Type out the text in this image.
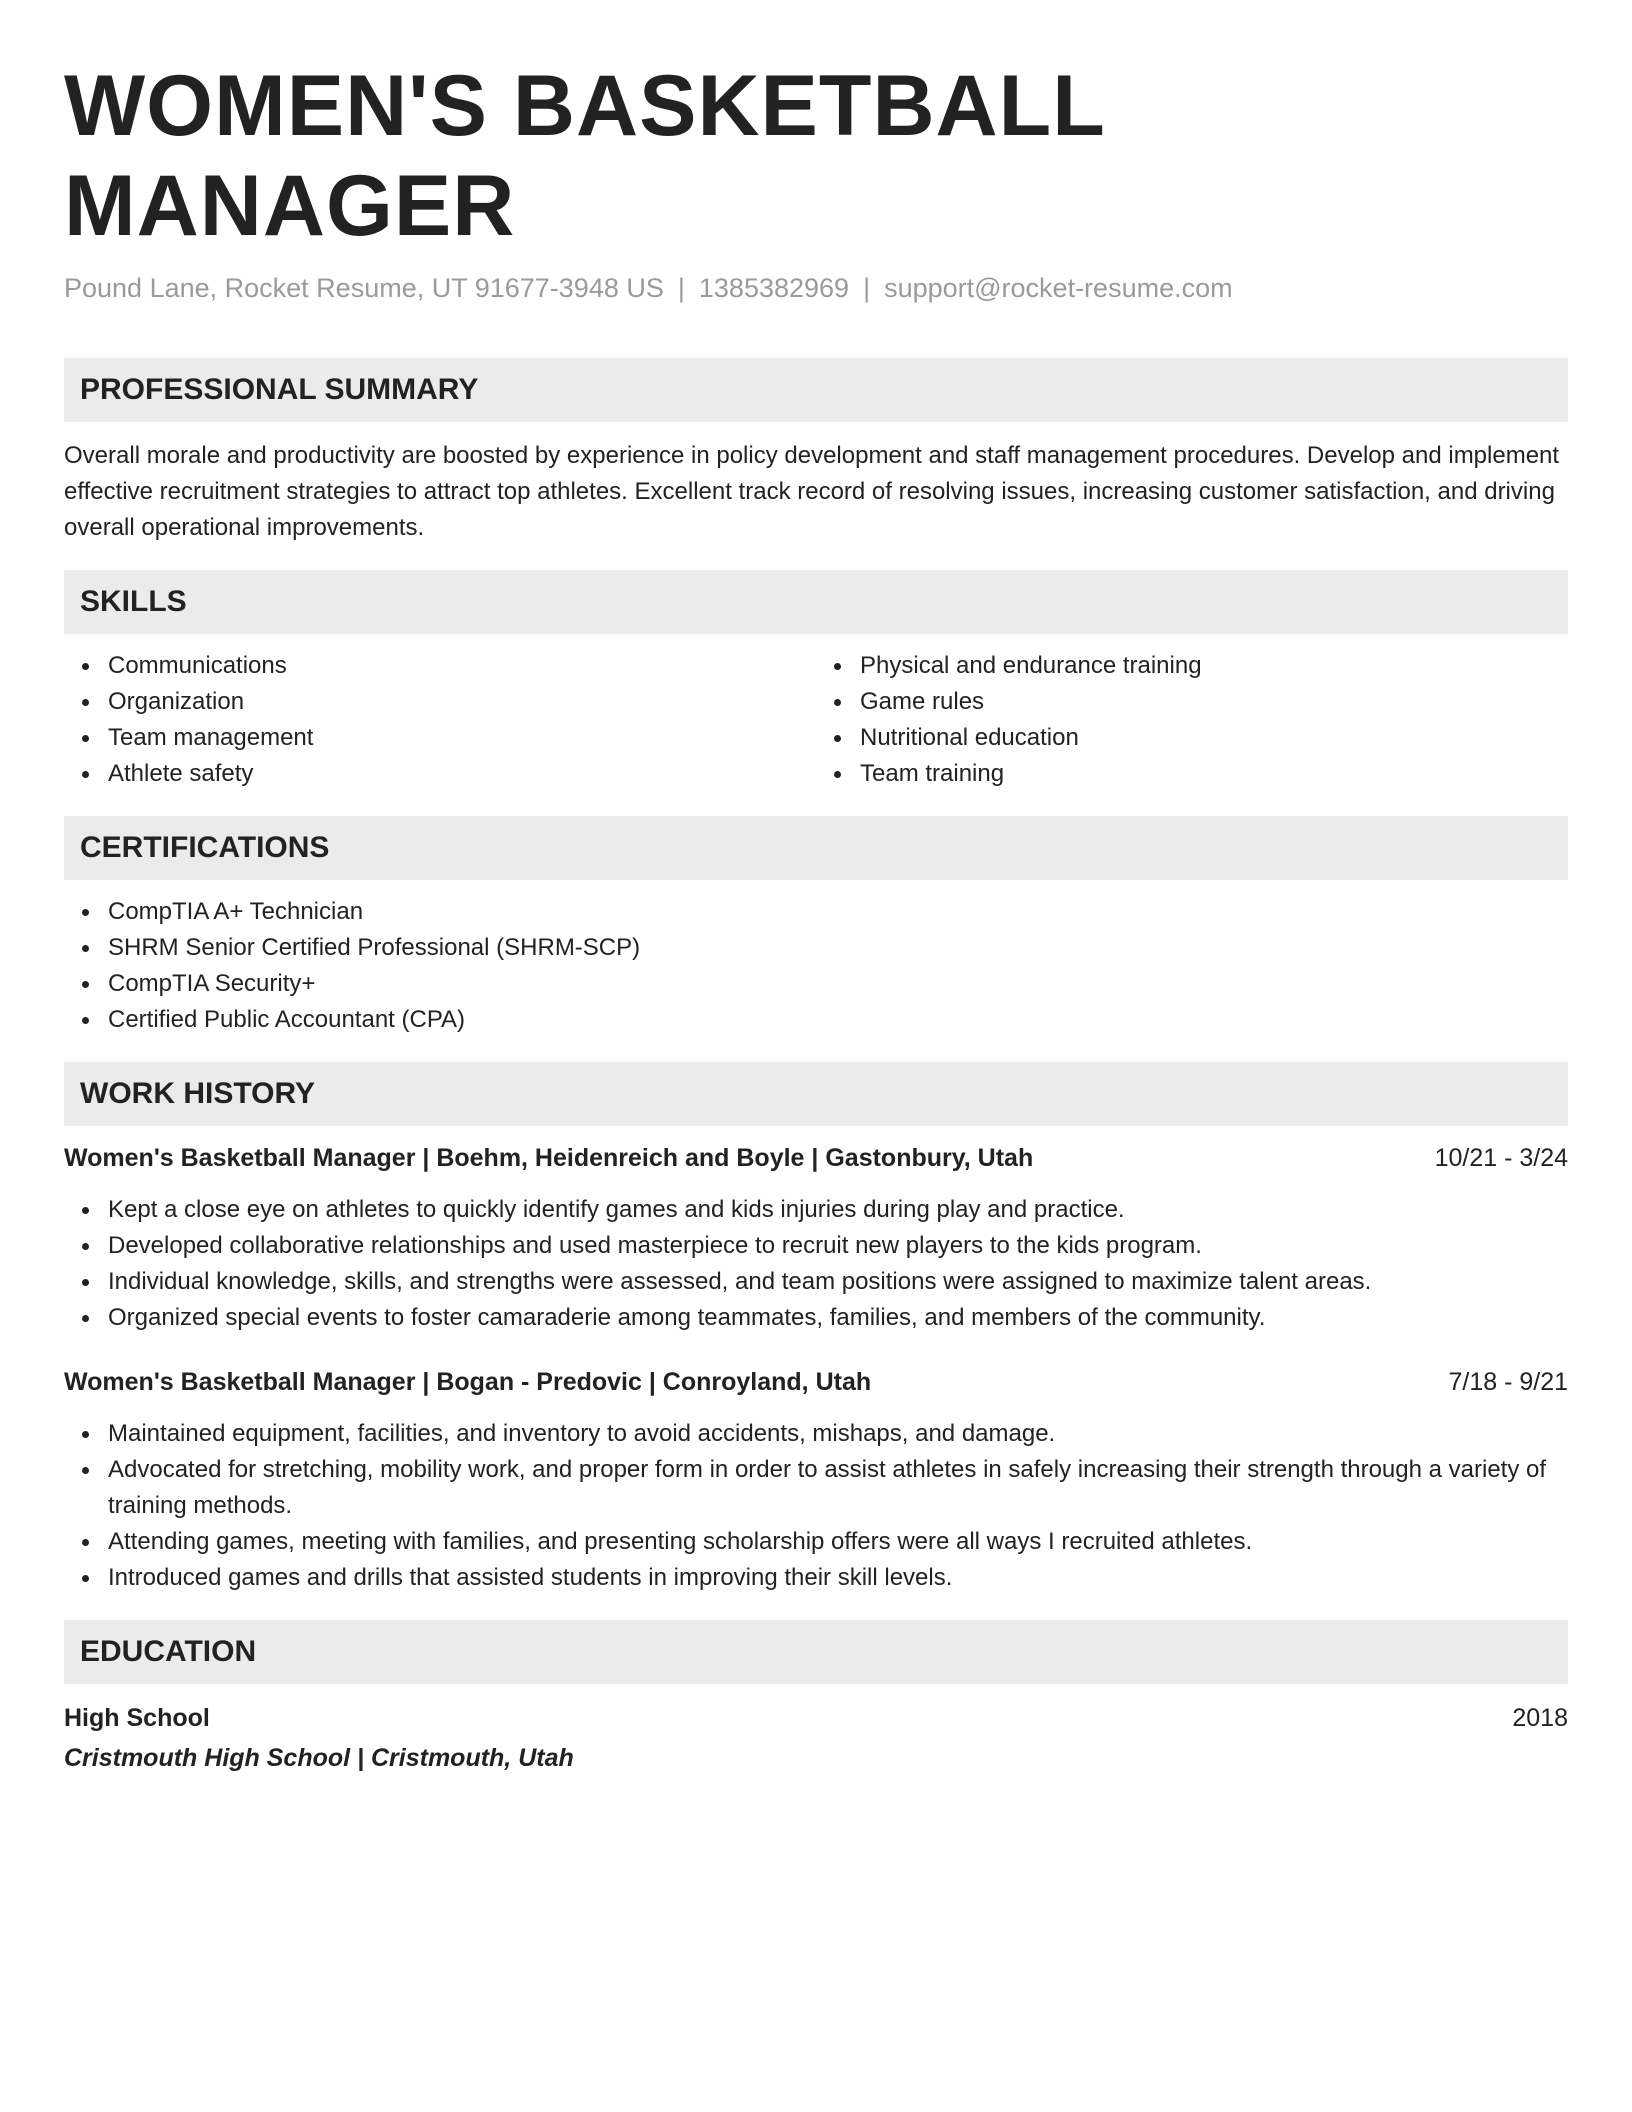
WOMEN'S BASKETBALL MANAGER
Pound Lane, Rocket Resume, UT 91677-3948 US | 1385382969 | support@rocket-resume.com
PROFESSIONAL SUMMARY

Overall morale and productivity are boosted by experience in policy development and staff management procedures. Develop and implement effective recruitment strategies to attract top athletes. Excellent track record of resolving issues, increasing customer satisfaction, and driving overall operational improvements.

SKILLS
Communications
Organization
Team management
Athlete safety
Physical and endurance training
Game rules
Nutritional education
Team training
CERTIFICATIONS
CompTIA A+ Technician
SHRM Senior Certified Professional (SHRM-SCP)
CompTIA Security+
Certified Public Accountant (CPA)
WORK HISTORY
Women's Basketball Manager | Boehm, Heidenreich and Boyle | Gastonbury, Utah	10/21 - 3/24
Kept a close eye on athletes to quickly identify games and kids injuries during play and practice.
Developed collaborative relationships and used masterpiece to recruit new players to the kids program.
Individual knowledge, skills, and strengths were assessed, and team positions were assigned to maximize talent areas.
Organized special events to foster camaraderie among teammates, families, and members of the community.
Women's Basketball Manager | Bogan - Predovic | Conroyland, Utah	7/18 - 9/21
Maintained equipment, facilities, and inventory to avoid accidents, mishaps, and damage.
Advocated for stretching, mobility work, and proper form in order to assist athletes in safely increasing their strength through a variety of training methods.
Attending games, meeting with families, and presenting scholarship offers were all ways I recruited athletes.
Introduced games and drills that assisted students in improving their skill levels.
EDUCATION
High School	2018
Cristmouth High School | Cristmouth, Utah
